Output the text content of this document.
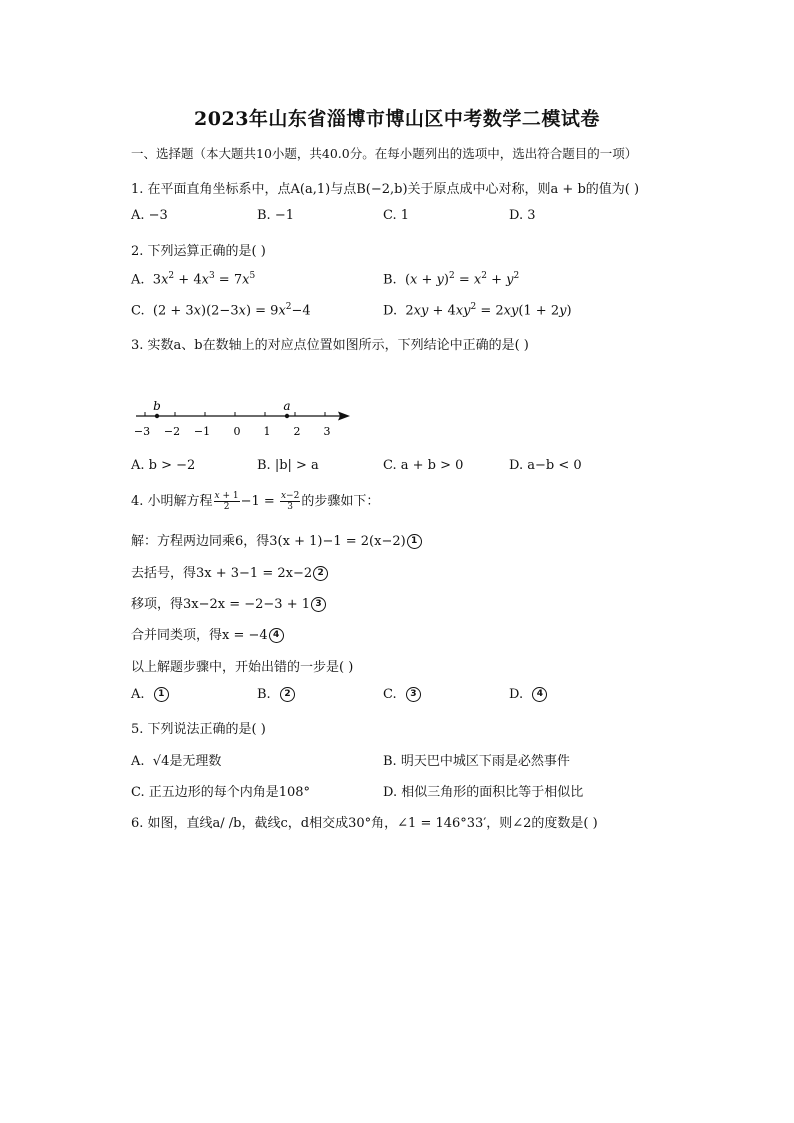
2023年山东省淄博市博山区中考数学二模试卷
一、选择题（本大题共10小题，共40.0分。在每小题列出的选项中，选出符合题目的一项）
1. 在平面直角坐标系中，点A(a,1)与点B(−2,b)关于原点成中心对称，则a + b的值为( )
A. −3	B. −1	C. 1	D. 3
2. 下列运算正确的是( )
A.  $3x^2 + 4x^3 = 7x^5$	B.  $(x + y)^2 = x^2 + y^2$
C.  $(2 + 3x)(2-3x) = 9x^2-4$	D.  $2xy + 4xy^2 = 2xy(1 + 2y)$
3. 实数a、b在数轴上的对应点位置如图所示，下列结论中正确的是( )
b	a
−3 −2 −1 0 1 2 3
A. b > −2	B. |b| > a	C. a + b > 0	D. a−b < 0
4. 小明解方程 $\frac{x + 1}{2} -1 = \frac{x-2}{3}$ 的步骤如下：
解：方程两边同乘6，得3(x + 1)−1 = 2(x−2) 1
去括号，得3x + 3−1 = 2x−2 2
移项，得3x−2x = −2−3 + 1 3
合并同类项，得x = −4 4
以上解题步骤中，开始出错的一步是( )
A. 1	B. 2	C. 3	D. 4
5. 下列说法正确的是( )
A.  √4是无理数	B. 明天巴中城区下雨是必然事件
C. 正五边形的每个内角是108°	D. 相似三角形的面积比等于相似比
6. 如图，直线a/ /b，截线c，d相交成30°角，∠1 = 146°33′，则∠2的度数是( )
